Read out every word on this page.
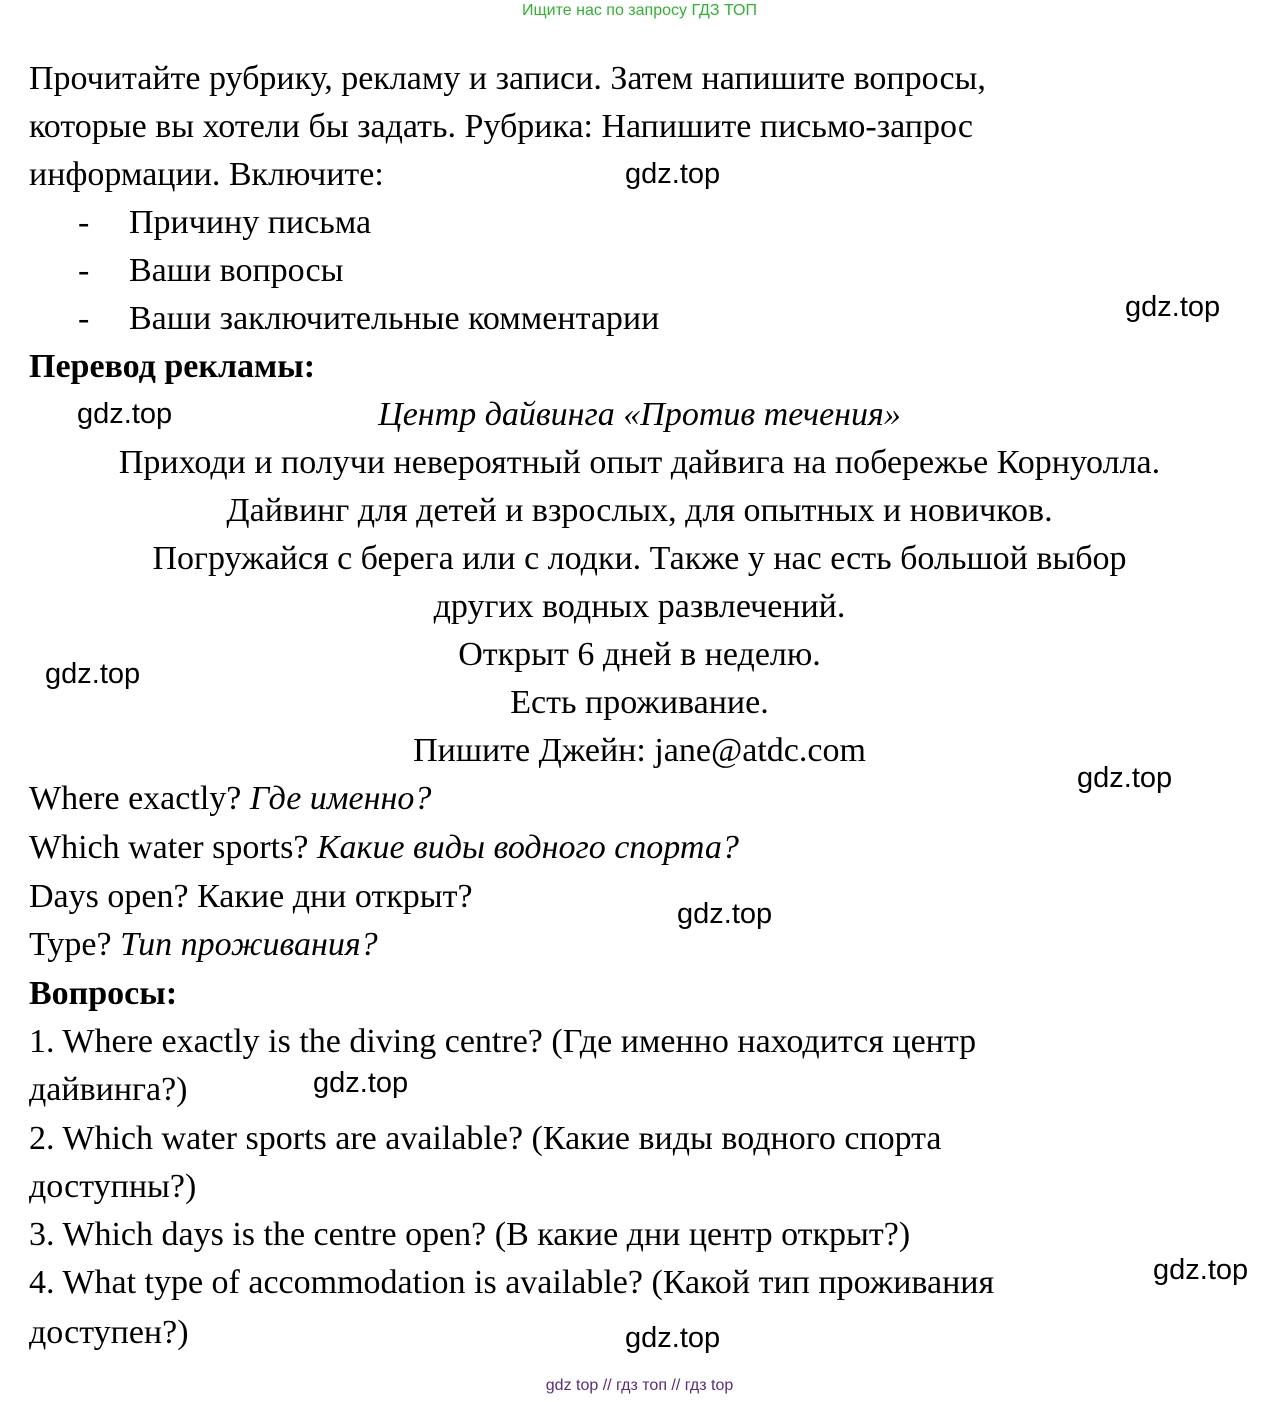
Ищите нас по запросу ГДЗ ТОП
Прочитайте рубрику, рекламу и записи. Затем напишите вопросы,
которые вы хотели бы задать. Рубрика: Напишите письмо-запрос
информации. Включите:
- Причину письма
- Ваши вопросы
- Ваши заключительные комментарии
Перевод рекламы:
Центр дайвинга «Против течения»
Приходи и получи невероятный опыт дайвига на побережье Корнуолла.
Дайвинг для детей и взрослых, для опытных и новичков.
Погружайся с берега или с лодки. Также у нас есть большой выбор
других водных развлечений.
Открыт 6 дней в неделю.
Есть проживание.
Пишите Джейн: jane@atdc.com
Where exactly? Где именно?
Which water sports? Какие виды водного спорта?
Days open? Какие дни открыт?
Type? Тип проживания?
Вопросы:
1. Where exactly is the diving centre? (Где именно находится центр
дайвинга?)
2. Which water sports are available? (Какие виды водного спорта
доступны?)
3. Which days is the centre open? (В какие дни центр открыт?)
4. What type of accommodation is available? (Какой тип проживания
доступен?)
gdz.top
gdz.top
gdz.top
gdz.top
gdz.top
gdz.top
gdz.top
gdz.top
gdz.top
gdz top // гдз топ // гдз top
